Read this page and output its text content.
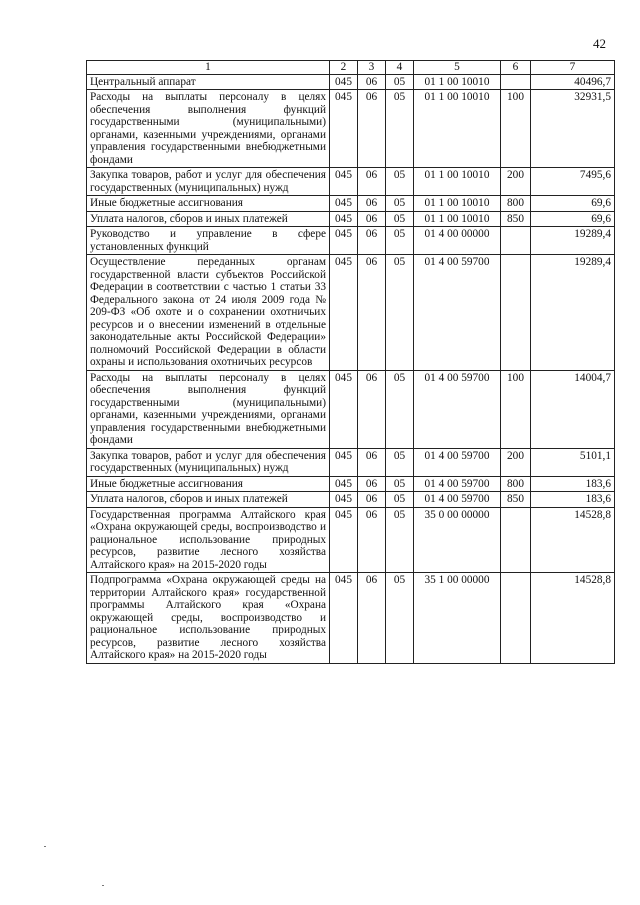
42
1	2	3	4	5	6	7
Центральный аппарат	045	06	05	01 1 00 10010		40496,7
Расходы на выплаты персоналу в целях обеспечения выполнения функций государственными (муниципальными) органами, казенными учреждениями, органами управления государственными внебюджетными фондами	045	06	05	01 1 00 10010	100	32931,5
Закупка товаров, работ и услуг для обеспечения государственных (муниципальных) нужд	045	06	05	01 1 00 10010	200	7495,6
Иные бюджетные ассигнования	045	06	05	01 1 00 10010	800	69,6
Уплата налогов, сборов и иных платежей	045	06	05	01 1 00 10010	850	69,6
Руководство и управление в сфере установленных функций	045	06	05	01 4 00 00000		19289,4
Осуществление переданных органам государственной власти субъектов Российской Федерации в соответствии с частью 1 статьи 33 Федерального закона от 24 июля 2009 года № 209-ФЗ «Об охоте и о сохранении охотничьих ресурсов и о внесении изменений в отдельные законодательные акты Российской Федерации» полномочий Российской Федерации в области охраны и использования охотничьих ресурсов	045	06	05	01 4 00 59700		19289,4
Расходы на выплаты персоналу в целях обеспечения выполнения функций государственными (муниципальными) органами, казенными учреждениями, органами управления государственными внебюджетными фондами	045	06	05	01 4 00 59700	100	14004,7
Закупка товаров, работ и услуг для обеспечения государственных (муниципальных) нужд	045	06	05	01 4 00 59700	200	5101,1
Иные бюджетные ассигнования	045	06	05	01 4 00 59700	800	183,6
Уплата налогов, сборов и иных платежей	045	06	05	01 4 00 59700	850	183,6
Государственная программа Алтайского края «Охрана окружающей среды, воспроизводство и рациональное использование природных ресурсов, развитие лесного хозяйства Алтайского края» на 2015-2020 годы	045	06	05	35 0 00 00000		14528,8
Подпрограмма «Охрана окружающей среды на территории Алтайского края» государственной программы Алтайского края «Охрана окружающей среды, воспроизводство и рациональное использование природных ресурсов, развитие лесного хозяйства Алтайского края» на 2015-2020 годы	045	06	05	35 1 00 00000		14528,8
